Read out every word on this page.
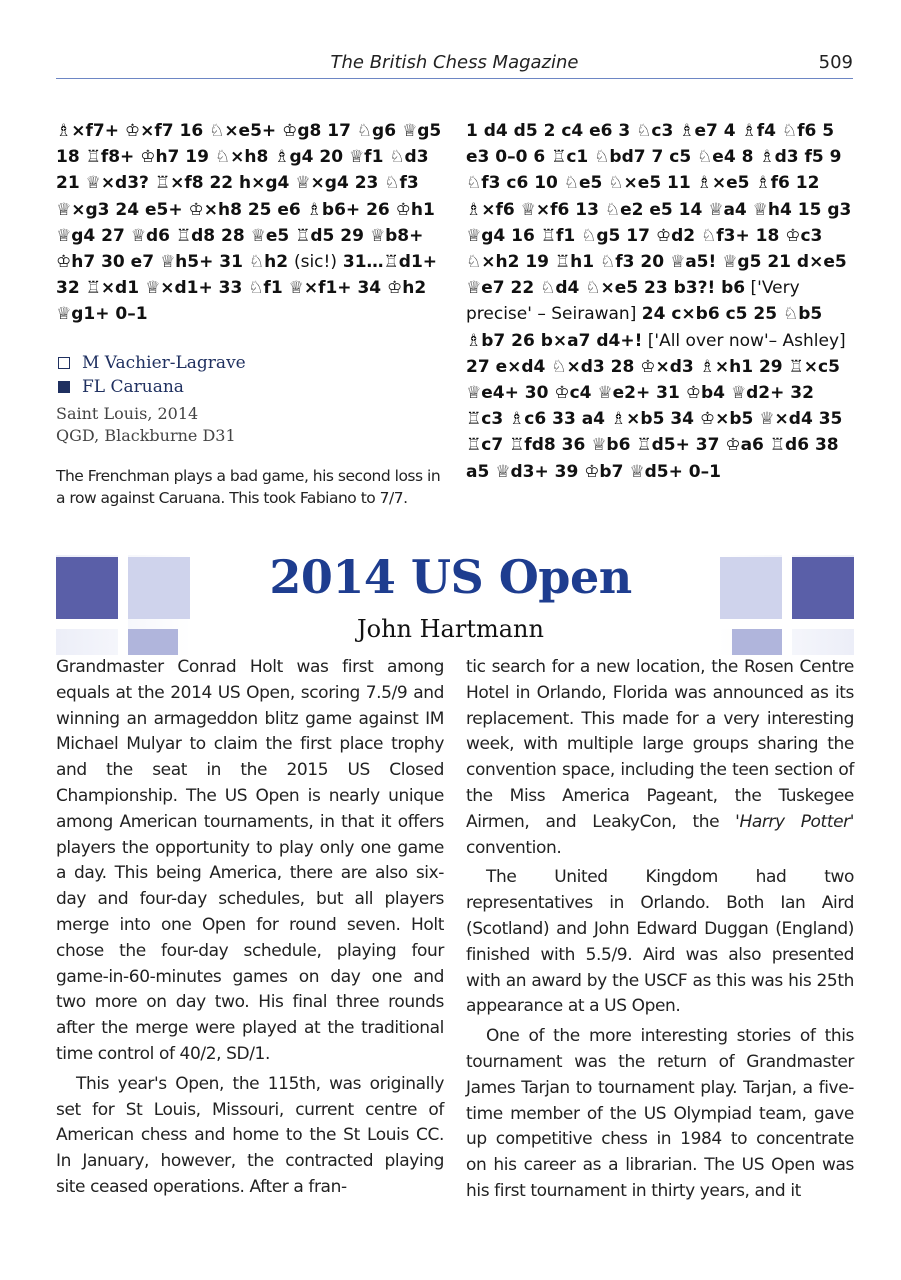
The British Chess Magazine	509
♗×f7+ ♔×f7 16 ♘×e5+ ♔g8 17 ♘g6 ♕g5 18 ♖f8+ ♔h7 19 ♘×h8 ♗g4 20 ♕f1 ♘d3 21 ♕×d3? ♖×f8 22 h×g4 ♕×g4 23 ♘f3 ♕×g3 24 e5+ ♔×h8 25 e6 ♗b6+ 26 ♔h1 ♕g4 27 ♕d6 ♖d8 28 ♕e5 ♖d5 29 ♕b8+ ♔h7 30 e7 ♕h5+ 31 ♘h2 (sic!) 31…♖d1+ 32 ♖×d1 ♕×d1+ 33 ♘f1 ♕×f1+ 34 ♔h2 ♕g1+ 0–1
M Vachier-Lagrave
FL Caruana
Saint Louis, 2014
QGD, Blackburne D31
The Frenchman plays a bad game, his second loss in a row against Caruana. This took Fabiano to 7/7.
1 d4 d5 2 c4 e6 3 ♘c3 ♗e7 4 ♗f4 ♘f6 5 e3 0–0 6 ♖c1 ♘bd7 7 c5 ♘e4 8 ♗d3 f5 9 ♘f3 c6 10 ♘e5 ♘×e5 11 ♗×e5 ♗f6 12 ♗×f6 ♕×f6 13 ♘e2 e5 14 ♕a4 ♕h4 15 g3 ♕g4 16 ♖f1 ♘g5 17 ♔d2 ♘f3+ 18 ♔c3 ♘×h2 19 ♖h1 ♘f3 20 ♕a5! ♕g5 21 d×e5 ♕e7 22 ♘d4 ♘×e5 23 b3?! b6 ['Very precise' – Seirawan] 24 c×b6 c5 25 ♘b5 ♗b7 26 b×a7 d4+! ['All over now'– Ashley] 27 e×d4 ♘×d3 28 ♔×d3 ♗×h1 29 ♖×c5 ♕e4+ 30 ♔c4 ♕e2+ 31 ♔b4 ♕d2+ 32 ♖c3 ♗c6 33 a4 ♗×b5 34 ♔×b5 ♕×d4 35 ♖c7 ♖fd8 36 ♕b6 ♖d5+ 37 ♔a6 ♖d6 38 a5 ♕d3+ 39 ♔b7 ♕d5+ 0–1
2014 US Open
John Hartmann

Grandmaster Conrad Holt was first among equals at the 2014 US Open, scoring 7.5/9 and winning an armageddon blitz game against IM Michael Mulyar to claim the first place trophy and the seat in the 2015 US Closed Championship. The US Open is nearly unique among American tournaments, in that it offers players the opportunity to play only one game a day. This being America, there are also six-day and four-day schedules, but all players merge into one Open for round seven. Holt chose the four-day schedule, playing four game-in-60-minutes games on day one and two more on day two. His final three rounds after the merge were played at the traditional time control of 40/2, SD/1.

This year's Open, the 115th, was originally set for St Louis, Missouri, current centre of American chess and home to the St Louis CC. In January, however, the contracted playing site ceased operations. After a fran-

tic search for a new location, the Rosen Centre Hotel in Orlando, Florida was announced as its replacement. This made for a very interesting week, with multiple large groups sharing the convention space, including the teen section of the Miss America Pageant, the Tuskegee Airmen, and LeakyCon, the 'Harry Potter' convention.

The United Kingdom had two representatives in Orlando. Both Ian Aird (Scotland) and John Edward Duggan (England) finished with 5.5/9. Aird was also presented with an award by the USCF as this was his 25th appearance at a US Open.

One of the more interesting stories of this tournament was the return of Grandmaster James Tarjan to tournament play. Tarjan, a five-time member of the US Olympiad team, gave up competitive chess in 1984 to concentrate on his career as a librarian. The US Open was his first tournament in thirty years, and it
